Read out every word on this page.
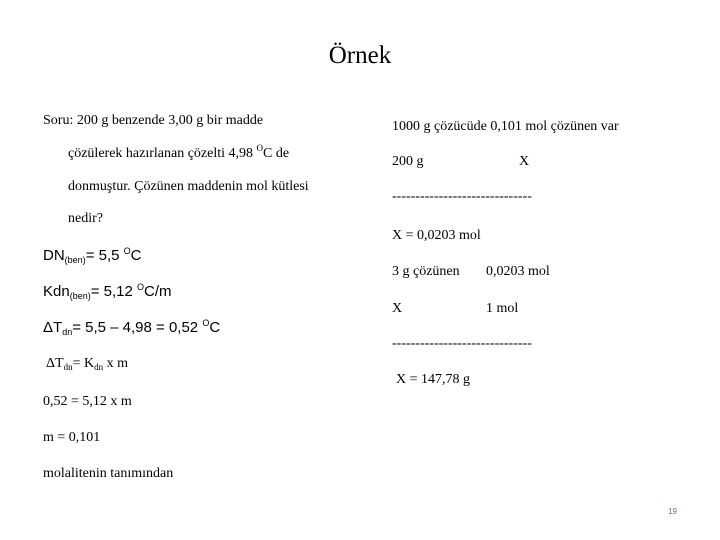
Örnek
Soru: 200 g benzende 3,00 g bir madde
çözülerek hazırlanan çözelti 4,98 $^O$C de
donmuştur. Çözünen maddenin mol kütlesi
nedir?
$DN_{(ben)}= 5,5$ $^O$C
Kdn$_{(ben)}$= 5,12 $^O$C/m
$\Delta T_{dn}= 5,5 - 4,98 = 0,52$ $^O$C
$\Delta T_{dn}= K_{dn}$ x m
0,52 = 5,12 x m
m = 0,101
molalitenin tanımından
1000 g çözücüde 0,101 mol çözünen var
200 g	X
------------------------------
X = 0,0203 mol
3 g çözünen 0,0203 mol
X	1 mol
------------------------------
X = 147,78 g
19
